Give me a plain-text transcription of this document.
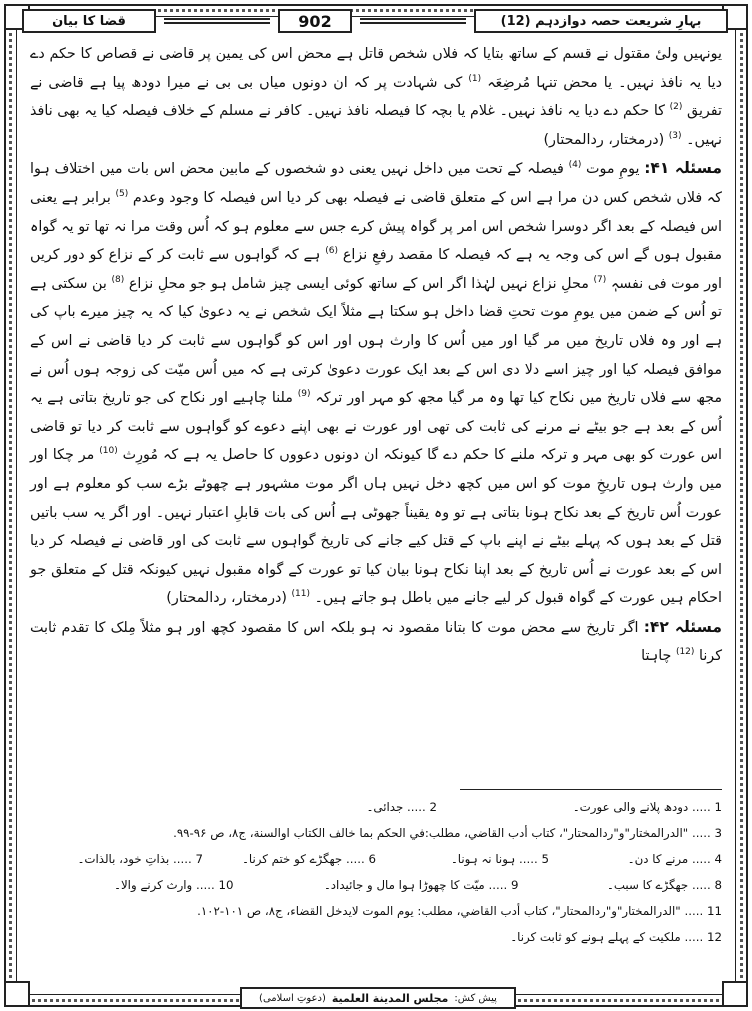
بہارِ شریعت حصہ دوازدہم (12)
902
قضا کا بیان

یونہیں ولیٔ مقتول نے قسم کے ساتھ بتایا کہ فلاں شخص قاتل ہے محض اس کی یمین پر قاضی نے قصاص کا حکم دے دیا یہ نافذ نہیں۔ یا محض تنہا مُرضِعَہ $^{(1)}$ کی شہادت پر کہ ان دونوں میاں بی بی نے میرا دودھ پیا ہے قاضی نے تفریق $^{(2)}$ کا حکم دے دیا یہ نافذ نہیں۔ غلام یا بچہ کا فیصلہ نافذ نہیں۔ کافر نے مسلم کے خلاف فیصلہ کیا یہ بھی نافذ نہیں۔ $^{(3)}$ (درمختار، ردالمحتار)

مسئلہ ۴۱: یومِ موت $^{(4)}$ فیصلہ کے تحت میں داخل نہیں یعنی دو شخصوں کے مابین محض اس بات میں اختلاف ہوا کہ فلاں شخص کس دن مرا ہے اس کے متعلق قاضی نے فیصلہ بھی کر دیا اس فیصلہ کا وجود وعدم $^{(5)}$ برابر ہے یعنی اس فیصلہ کے بعد اگر دوسرا شخص اس امر پر گواہ پیش کرے جس سے معلوم ہو کہ اُس وقت مرا نہ تھا تو یہ گواہ مقبول ہوں گے اس کی وجہ یہ ہے کہ فیصلہ کا مقصد رفعِ نزاع $^{(6)}$ ہے کہ گواہوں سے ثابت کر کے نزاع کو دور کریں اور موت فی نفسہٖ $^{(7)}$ محلِ نزاع نہیں لہٰذا اگر اس کے ساتھ کوئی ایسی چیز شامل ہو جو محلِ نزاع $^{(8)}$ بن سکتی ہے تو اُس کے ضمن میں یومِ موت تحتِ قضا داخل ہو سکتا ہے مثلاً ایک شخص نے یہ دعویٰ کیا کہ یہ چیز میرے باپ کی ہے اور وہ فلاں تاریخ میں مر گیا اور میں اُس کا وارث ہوں اور اس کو گواہوں سے ثابت کر دیا قاضی نے اس کے موافق فیصلہ کیا اور چیز اسے دلا دی اس کے بعد ایک عورت دعویٰ کرتی ہے کہ میں اُس میّت کی زوجہ ہوں اُس نے مجھ سے فلاں تاریخ میں نکاح کیا تھا وہ مر گیا مجھ کو مہر اور ترکہ $^{(9)}$ ملنا چاہیے اور نکاح کی جو تاریخ بتاتی ہے یہ اُس کے بعد ہے جو بیٹے نے مرنے کی ثابت کی تھی اور عورت نے بھی اپنے دعوے کو گواہوں سے ثابت کر دیا تو قاضی اس عورت کو بھی مہر و ترکہ ملنے کا حکم دے گا کیونکہ ان دونوں دعووں کا حاصل یہ ہے کہ مُورِث $^{(10)}$ مر چکا اور میں وارث ہوں تاریخِ موت کو اس میں کچھ دخل نہیں ہاں اگر موت مشہور ہے چھوٹے بڑے سب کو معلوم ہے اور عورت اُس تاریخ کے بعد نکاح ہونا بتاتی ہے تو وہ یقیناً جھوٹی ہے اُس کی بات قابلِ اعتبار نہیں۔ اور اگر یہ سب باتیں قتل کے بعد ہوں کہ پہلے بیٹے نے اپنے باپ کے قتل کیے جانے کی تاریخ گواہوں سے ثابت کی اور قاضی نے فیصلہ کر دیا اس کے بعد عورت نے اُس تاریخ کے بعد اپنا نکاح ہونا بیان کیا تو عورت کے گواہ مقبول نہیں کیونکہ قتل کے متعلق جو احکام ہیں عورت کے گواہ قبول کر لیے جانے میں باطل ہو جاتے ہیں۔ $^{(11)}$ (درمختار، ردالمحتار)

مسئلہ ۴۲: اگر تاریخ سے محض موت کا بتانا مقصود نہ ہو بلکہ اس کا مقصود کچھ اور ہو مثلاً مِلک کا تقدم ثابت کرنا $^{(12)}$ چاہتا

1 ..... دودھ پلانے والی عورت۔
2 ..... جدائی۔
3 ..... "الدرالمختار"و"ردالمحتار"، كتاب أدب القاضي، مطلب:في الحكم بما خالف الكتاب اوالسنة، ج۸، ص ۹۶-۹۹.
4 ..... مرنے کا دن۔
5 ..... ہونا نہ ہونا۔
6 ..... جھگڑے کو ختم کرنا۔
7 ..... بذاتِ خود، بالذات۔
8 ..... جھگڑے کا سبب۔
9 ..... میّت کا چھوڑا ہوا مال و جائیداد۔
10 ..... وارث کرنے والا۔
11 ..... "الدرالمختار"و"ردالمحتار"، كتاب أدب القاضي، مطلب: يوم الموت لايدخل القضاء، ج۸، ص ۱۰۱-۱۰۲.
12 ..... ملکیت کے پہلے ہونے کو ثابت کرنا۔
پیش کش:
مجلس المدينة العلمية
(دعوتِ اسلامی)
